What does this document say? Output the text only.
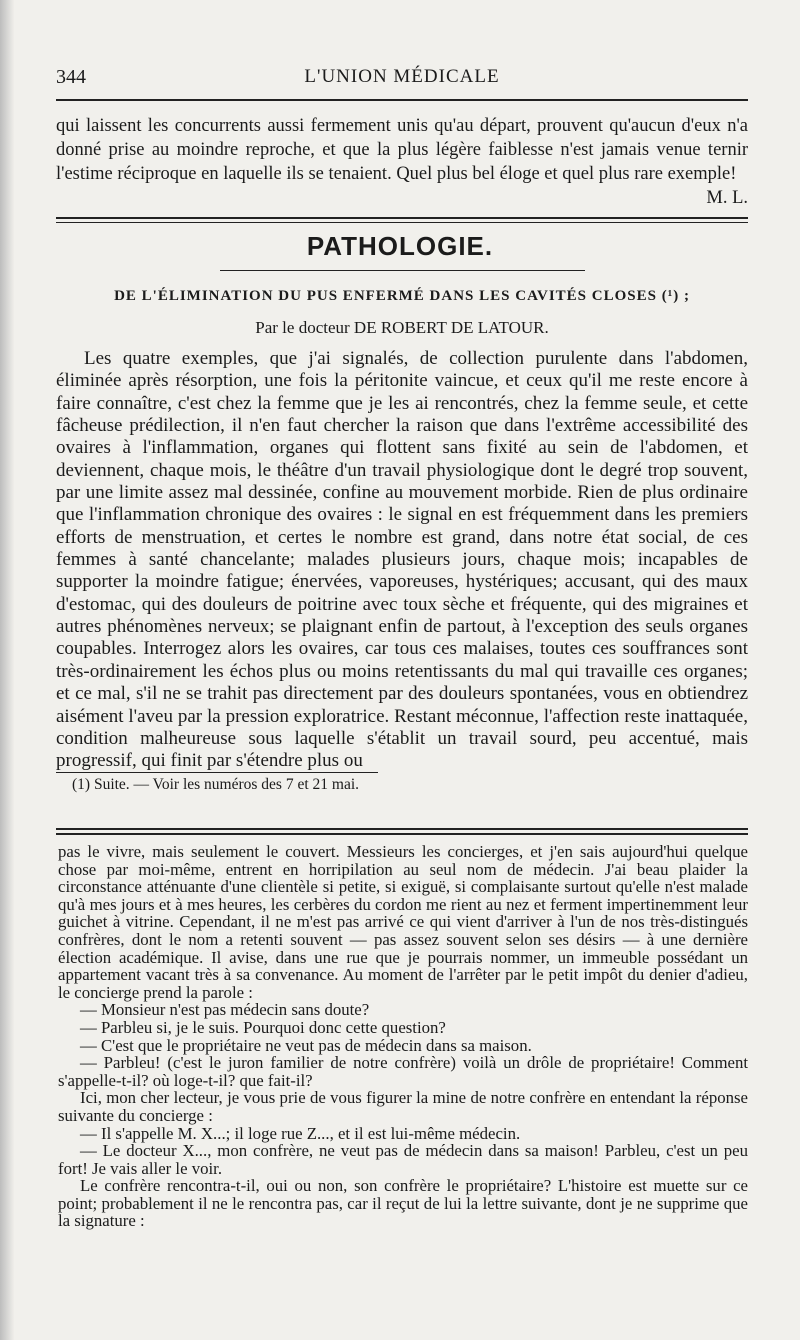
344	L'UNION MÉDICALE

qui laissent les concurrents aussi fermement unis qu'au départ, prouvent qu'aucun d'eux n'a donné prise au moindre reproche, et que la plus légère faiblesse n'est jamais venue ternir l'estime réciproque en laquelle ils se tenaient. Quel plus bel éloge et quel plus rare exemple!
M. L.

PATHOLOGIE.
DE L'ÉLIMINATION DU PUS ENFERMÉ DANS LES CAVITÉS CLOSES (¹) ;
Par le docteur DE ROBERT DE LATOUR.

Les quatre exemples, que j'ai signalés, de collection purulente dans l'abdomen, éliminée après résorption, une fois la péritonite vaincue, et ceux qu'il me reste encore à faire connaître, c'est chez la femme que je les ai rencontrés, chez la femme seule, et cette fâcheuse prédilection, il n'en faut chercher la raison que dans l'extrême accessibilité des ovaires à l'inflammation, organes qui flottent sans fixité au sein de l'abdomen, et deviennent, chaque mois, le théâtre d'un travail physiologique dont le degré trop souvent, par une limite assez mal dessinée, confine au mouvement morbide. Rien de plus ordinaire que l'inflammation chronique des ovaires : le signal en est fréquemment dans les premiers efforts de menstruation, et certes le nombre est grand, dans notre état social, de ces femmes à santé chancelante; malades plusieurs jours, chaque mois; incapables de supporter la moindre fatigue; énervées, vaporeuses, hystériques; accusant, qui des maux d'estomac, qui des douleurs de poitrine avec toux sèche et fréquente, qui des migraines et autres phénomènes nerveux; se plaignant enfin de partout, à l'exception des seuls organes coupables. Interrogez alors les ovaires, car tous ces malaises, toutes ces souffrances sont très-ordinairement les échos plus ou moins retentissants du mal qui travaille ces organes; et ce mal, s'il ne se trahit pas directement par des douleurs spontanées, vous en obtiendrez aisément l'aveu par la pression exploratrice. Restant méconnue, l'affection reste inattaquée, condition malheureuse sous laquelle s'établit un travail sourd, peu accentué, mais progressif, qui finit par s'étendre plus ou

(1) Suite. — Voir les numéros des 7 et 21 mai.

pas le vivre, mais seulement le couvert. Messieurs les concierges, et j'en sais aujourd'hui quelque chose par moi-même, entrent en horripilation au seul nom de médecin. J'ai beau plaider la circonstance atténuante d'une clientèle si petite, si exiguë, si complaisante surtout qu'elle n'est malade qu'à mes jours et à mes heures, les cerbères du cordon me rient au nez et ferment impertinemment leur guichet à vitrine. Cependant, il ne m'est pas arrivé ce qui vient d'arriver à l'un de nos très-distingués confrères, dont le nom a retenti souvent — pas assez souvent selon ses désirs — à une dernière élection académique. Il avise, dans une rue que je pourrais nommer, un immeuble possédant un appartement vacant très à sa convenance. Au moment de l'arrêter par le petit impôt du denier d'adieu, le concierge prend la parole :

— Monsieur n'est pas médecin sans doute?

— Parbleu si, je le suis. Pourquoi donc cette question?

— C'est que le propriétaire ne veut pas de médecin dans sa maison.

— Parbleu! (c'est le juron familier de notre confrère) voilà un drôle de propriétaire! Comment s'appelle-t-il? où loge-t-il? que fait-il?

Ici, mon cher lecteur, je vous prie de vous figurer la mine de notre confrère en entendant la réponse suivante du concierge :

— Il s'appelle M. X...; il loge rue Z..., et il est lui-même médecin.

— Le docteur X..., mon confrère, ne veut pas de médecin dans sa maison! Parbleu, c'est un peu fort! Je vais aller le voir.

Le confrère rencontra-t-il, oui ou non, son confrère le propriétaire? L'histoire est muette sur ce point; probablement il ne le rencontra pas, car il reçut de lui la lettre suivante, dont je ne supprime que la signature :
